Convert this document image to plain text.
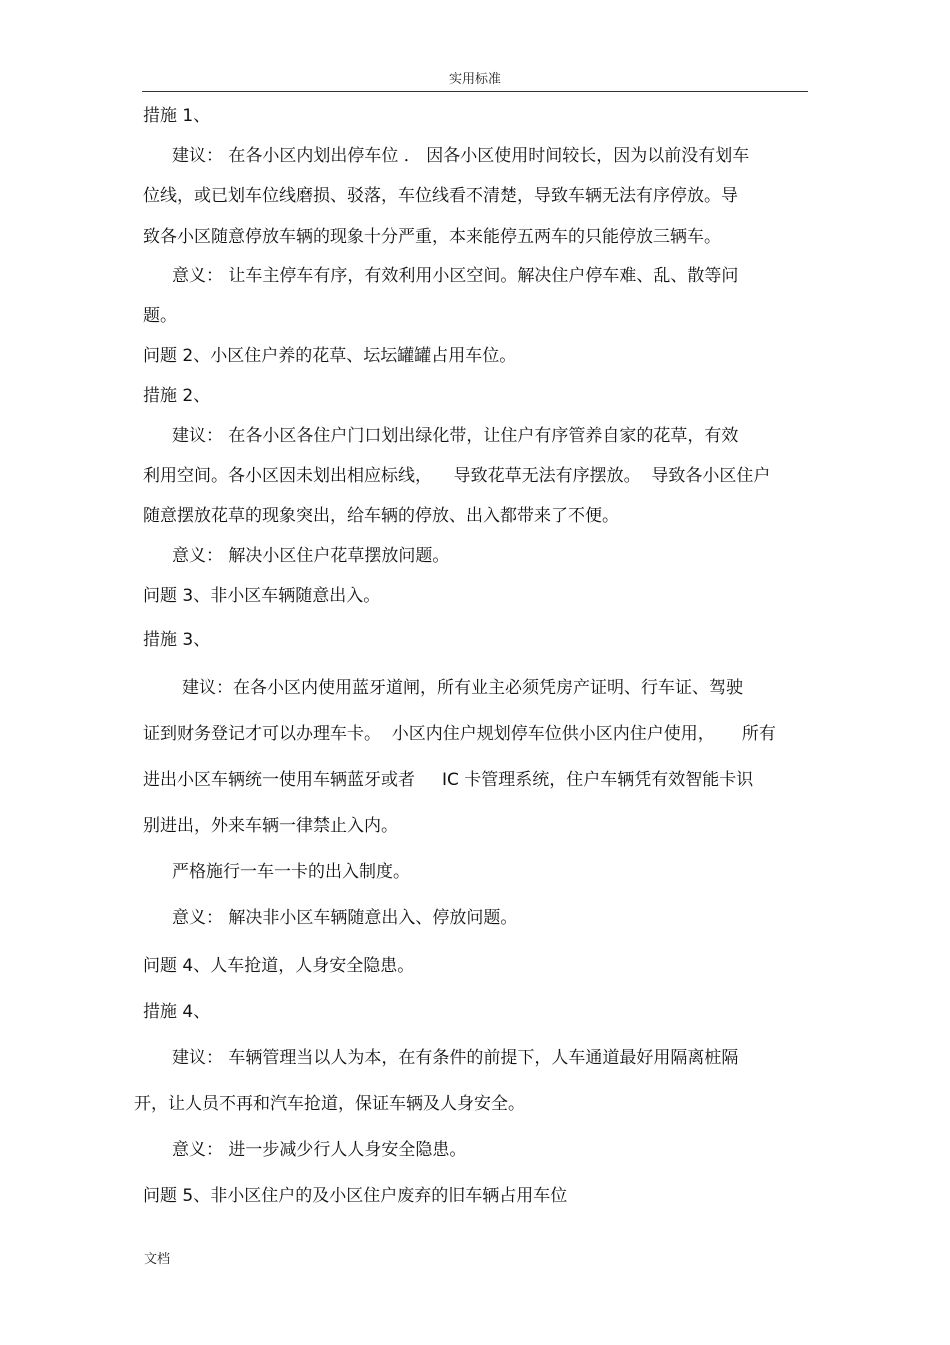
实用标准
措施 1、
建议： 在各小区内划出停车位 ． 因各小区使用时间较长，因为以前没有划车
位线，或已划车位线磨损、驳落，车位线看不清楚，导致车辆无法有序停放。导
致各小区随意停放车辆的现象十分严重，本来能停五两车的只能停放三辆车。
意义： 让车主停车有序，有效利用小区空间。解决住户停车难、乱、散等问
题。
问题 2、小区住户养的花草、坛坛罐罐占用车位。
措施 2、
建议： 在各小区各住户门口划出绿化带，让住户有序管养自家的花草，有效
利用空间。各小区因未划出相应标线，    导致花草无法有序摆放。  导致各小区住户
随意摆放花草的现象突出，给车辆的停放、出入都带来了不便。
意义： 解决小区住户花草摆放问题。
问题 3、非小区车辆随意出入。
措施 3、
建议：在各小区内使用蓝牙道闸，所有业主必须凭房产证明、行车证、驾驶
证到财务登记才可以办理车卡。  小区内住户规划停车位供小区内住户使用，     所有
进出小区车辆统一使用车辆蓝牙或者     IC 卡管理系统，住户车辆凭有效智能卡识
别进出，外来车辆一律禁止入内。
严格施行一车一卡的出入制度。
意义： 解决非小区车辆随意出入、停放问题。
问题 4、人车抢道，人身安全隐患。
措施 4、
建议： 车辆管理当以人为本，在有条件的前提下，人车通道最好用隔离桩隔
开，让人员不再和汽车抢道，保证车辆及人身安全。
意义： 进一步减少行人人身安全隐患。
问题 5、非小区住户的及小区住户废弃的旧车辆占用车位
文档
